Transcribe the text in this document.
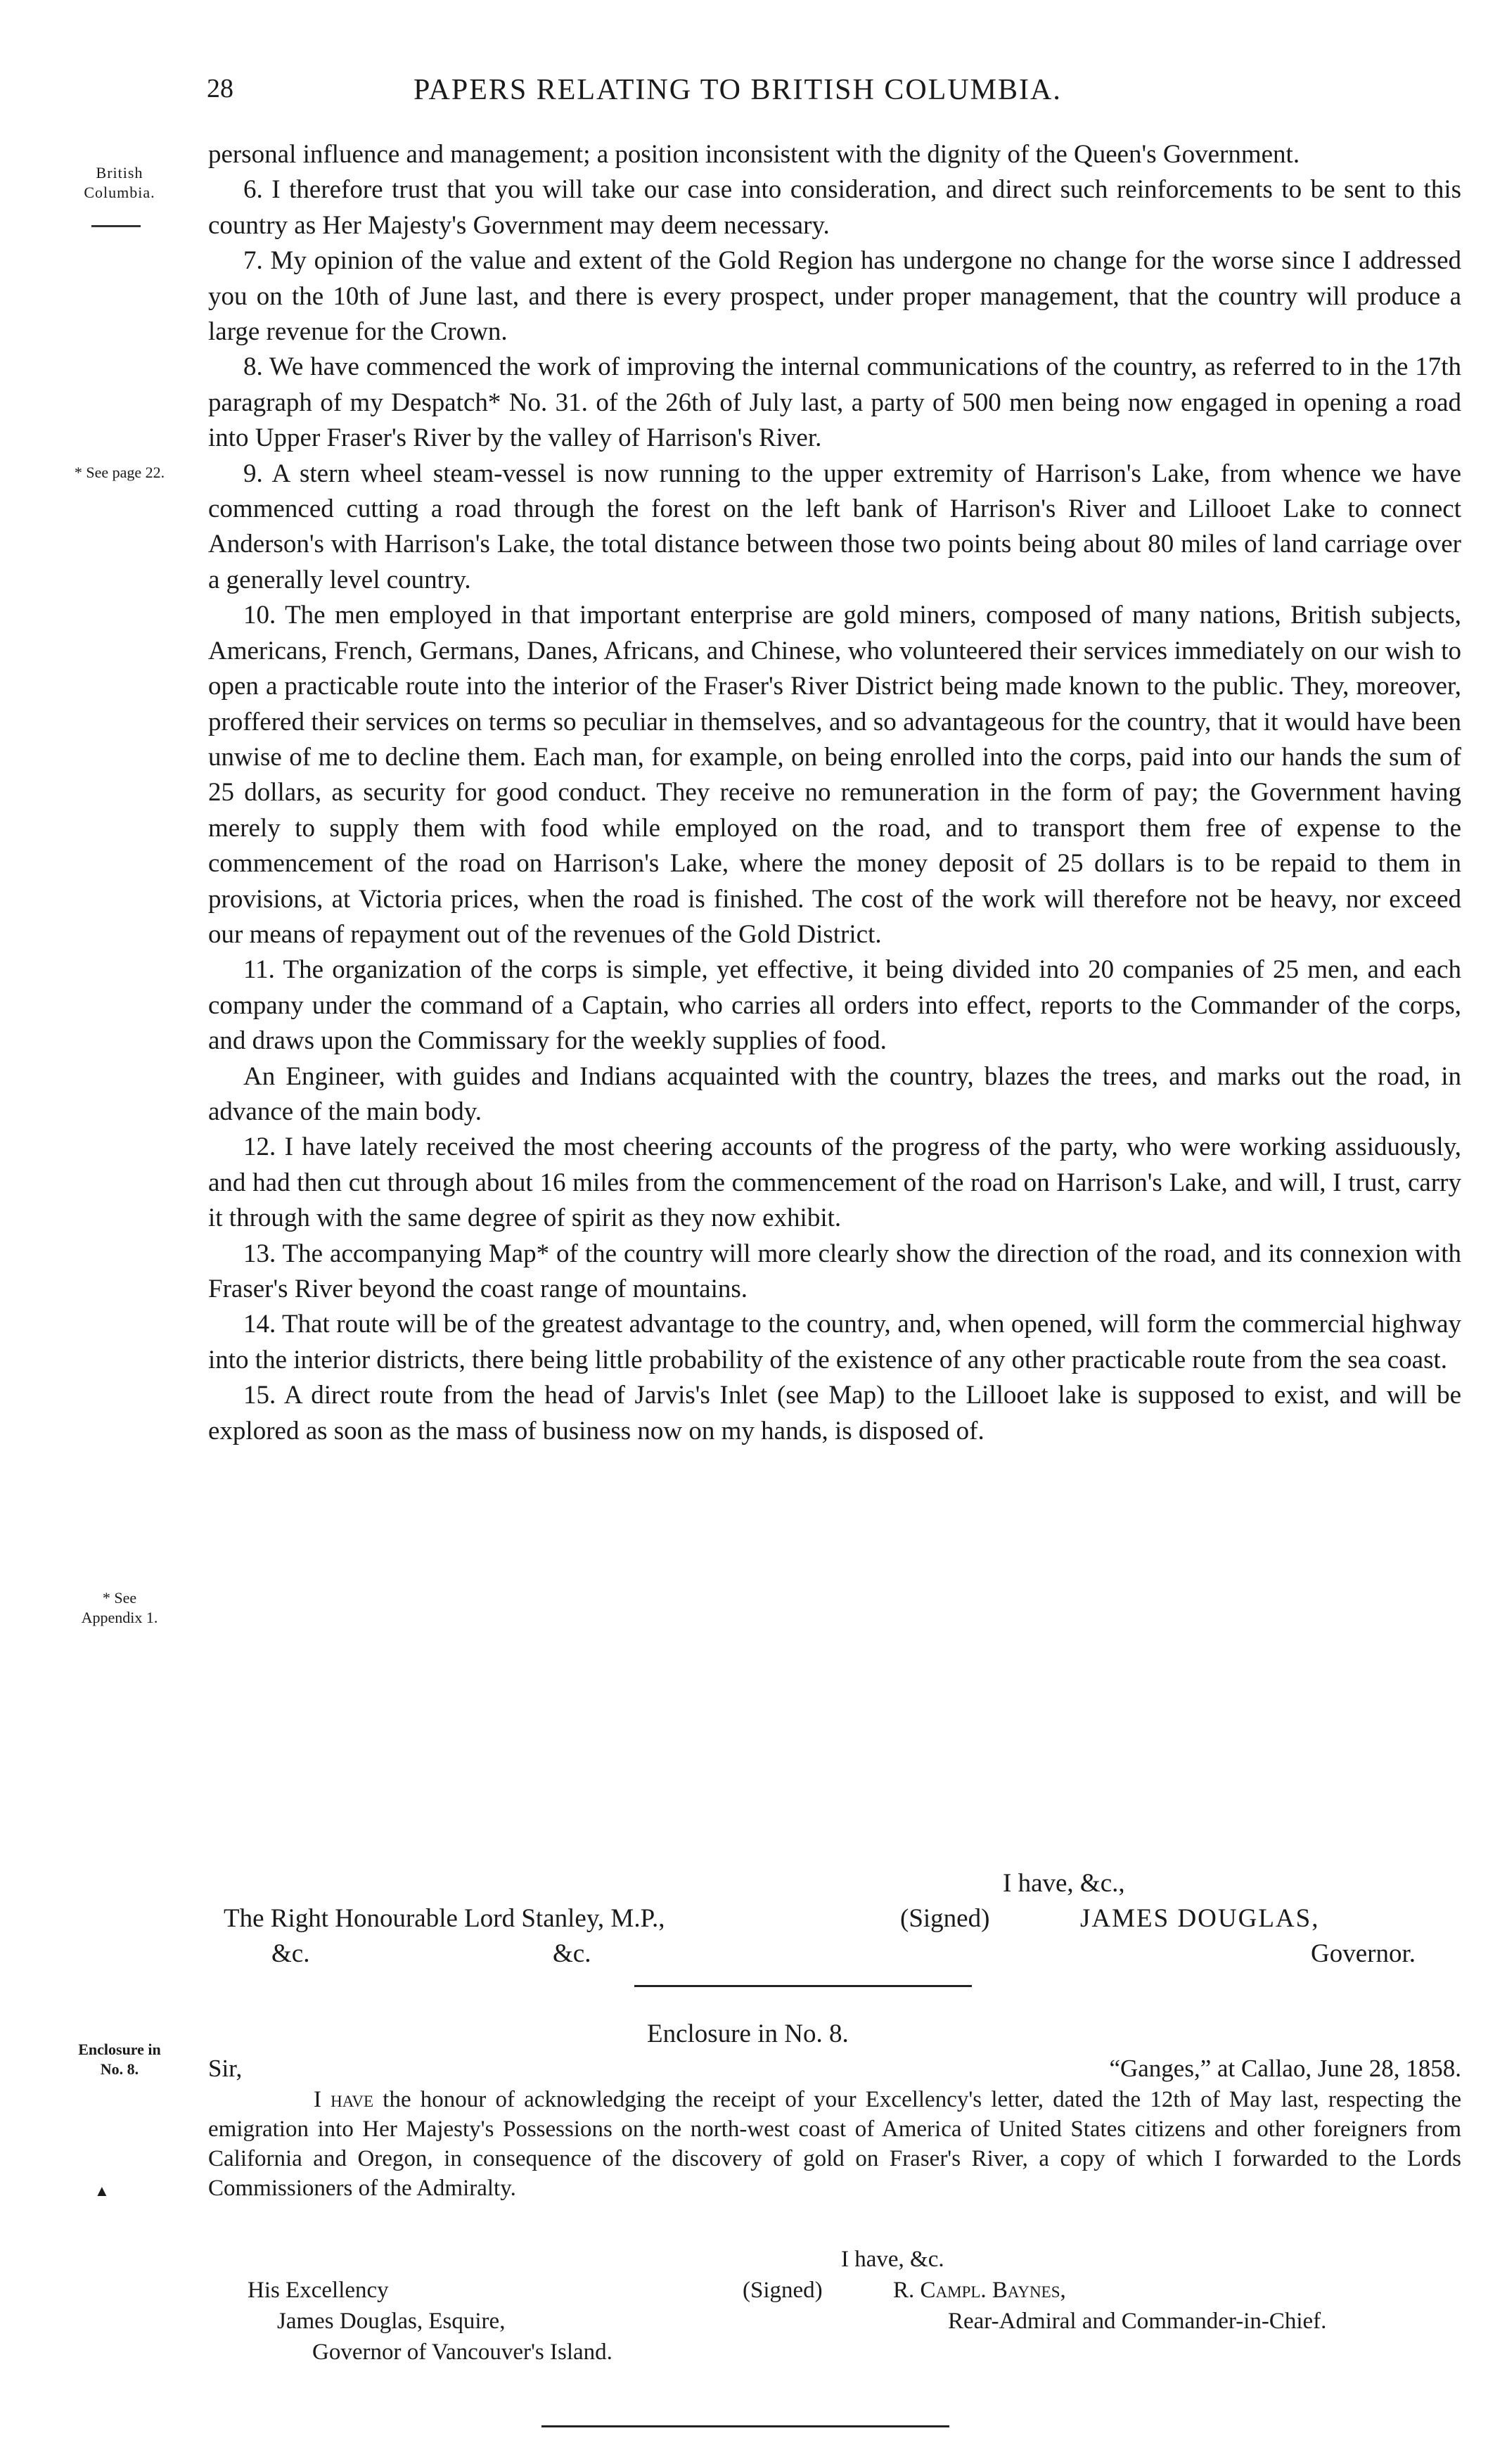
28	PAPERS RELATING TO BRITISH COLUMBIA.
British
Columbia.
* See page 22.
* See
Appendix 1.
Enclosure in
No. 8.
▲

personal influence and management; a position inconsistent with the dignity of the Queen's Government.

6. I therefore trust that you will take our case into consideration, and direct such reinforcements to be sent to this country as Her Majesty's Government may deem necessary.

7. My opinion of the value and extent of the Gold Region has undergone no change for the worse since I addressed you on the 10th of June last, and there is every prospect, under proper management, that the country will produce a large revenue for the Crown.

8. We have commenced the work of improving the internal communications of the country, as referred to in the 17th paragraph of my Despatch* No. 31. of the 26th of July last, a party of 500 men being now engaged in opening a road into Upper Fraser's River by the valley of Harrison's River.

9. A stern wheel steam-vessel is now running to the upper extremity of Harrison's Lake, from whence we have commenced cutting a road through the forest on the left bank of Harrison's River and Lillooet Lake to connect Anderson's with Harrison's Lake, the total distance between those two points being about 80 miles of land carriage over a generally level country.

10. The men employed in that important enterprise are gold miners, composed of many nations, British subjects, Americans, French, Germans, Danes, Africans, and Chinese, who volunteered their services immediately on our wish to open a practicable route into the interior of the Fraser's River District being made known to the public. They, moreover, proffered their services on terms so peculiar in themselves, and so advantageous for the country, that it would have been unwise of me to decline them. Each man, for example, on being enrolled into the corps, paid into our hands the sum of 25 dollars, as security for good conduct. They receive no remuneration in the form of pay; the Government having merely to supply them with food while employed on the road, and to transport them free of expense to the commencement of the road on Harrison's Lake, where the money deposit of 25 dollars is to be repaid to them in provisions, at Victoria prices, when the road is finished. The cost of the work will therefore not be heavy, nor exceed our means of repayment out of the revenues of the Gold District.

11. The organization of the corps is simple, yet effective, it being divided into 20 companies of 25 men, and each company under the command of a Captain, who carries all orders into effect, reports to the Commander of the corps, and draws upon the Commissary for the weekly supplies of food.

An Engineer, with guides and Indians acquainted with the country, blazes the trees, and marks out the road, in advance of the main body.

12. I have lately received the most cheering accounts of the progress of the party, who were working assiduously, and had then cut through about 16 miles from the commencement of the road on Harrison's Lake, and will, I trust, carry it through with the same degree of spirit as they now exhibit.

13. The accompanying Map* of the country will more clearly show the direction of the road, and its connexion with Fraser's River beyond the coast range of mountains.

14. That route will be of the greatest advantage to the country, and, when opened, will form the commercial highway into the interior districts, there being little probability of the existence of any other practicable route from the sea coast.

15. A direct route from the head of Jarvis's Inlet (see Map) to the Lillooet lake is supposed to exist, and will be explored as soon as the mass of business now on my hands, is disposed of.

I have, &c.,
The Right Honourable Lord Stanley, M.P.,	(Signed)	JAMES DOUGLAS,
&c.	&c.	Governor.
Enclosure in No. 8.
Sir,	“Ganges,” at Callao, June 28, 1858.
I have the honour of acknowledging the receipt of your Excellency's letter, dated the 12th of May last, respecting the emigration into Her Majesty's Possessions on the north-west coast of America of United States citizens and other foreigners from California and Oregon, in consequence of the discovery of gold on Fraser's River, a copy of which I forwarded to the Lords Commissioners of the Admiralty.
I have, &c.
His Excellency	(Signed)	R. Campl. Baynes,
James Douglas, Esquire,	Rear-Admiral and Commander-in-Chief.
Governor of Vancouver's Island.
